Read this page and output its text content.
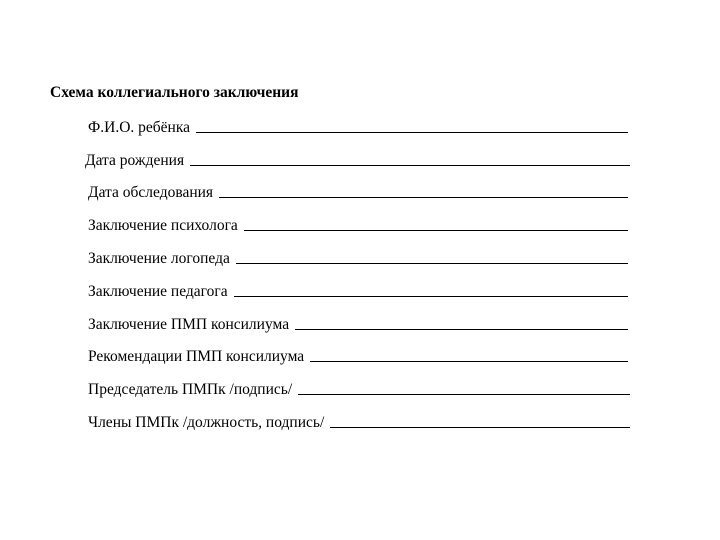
Схема коллегиального заключения
Ф.И.О. ребёнка
Дата рождения
Дата обследования
Заключение психолога
Заключение логопеда
Заключение педагога
Заключение ПМП консилиума
Рекомендации ПМП консилиума
Председатель ПМПк /подпись/
Члены ПМПк /должность, подпись/
